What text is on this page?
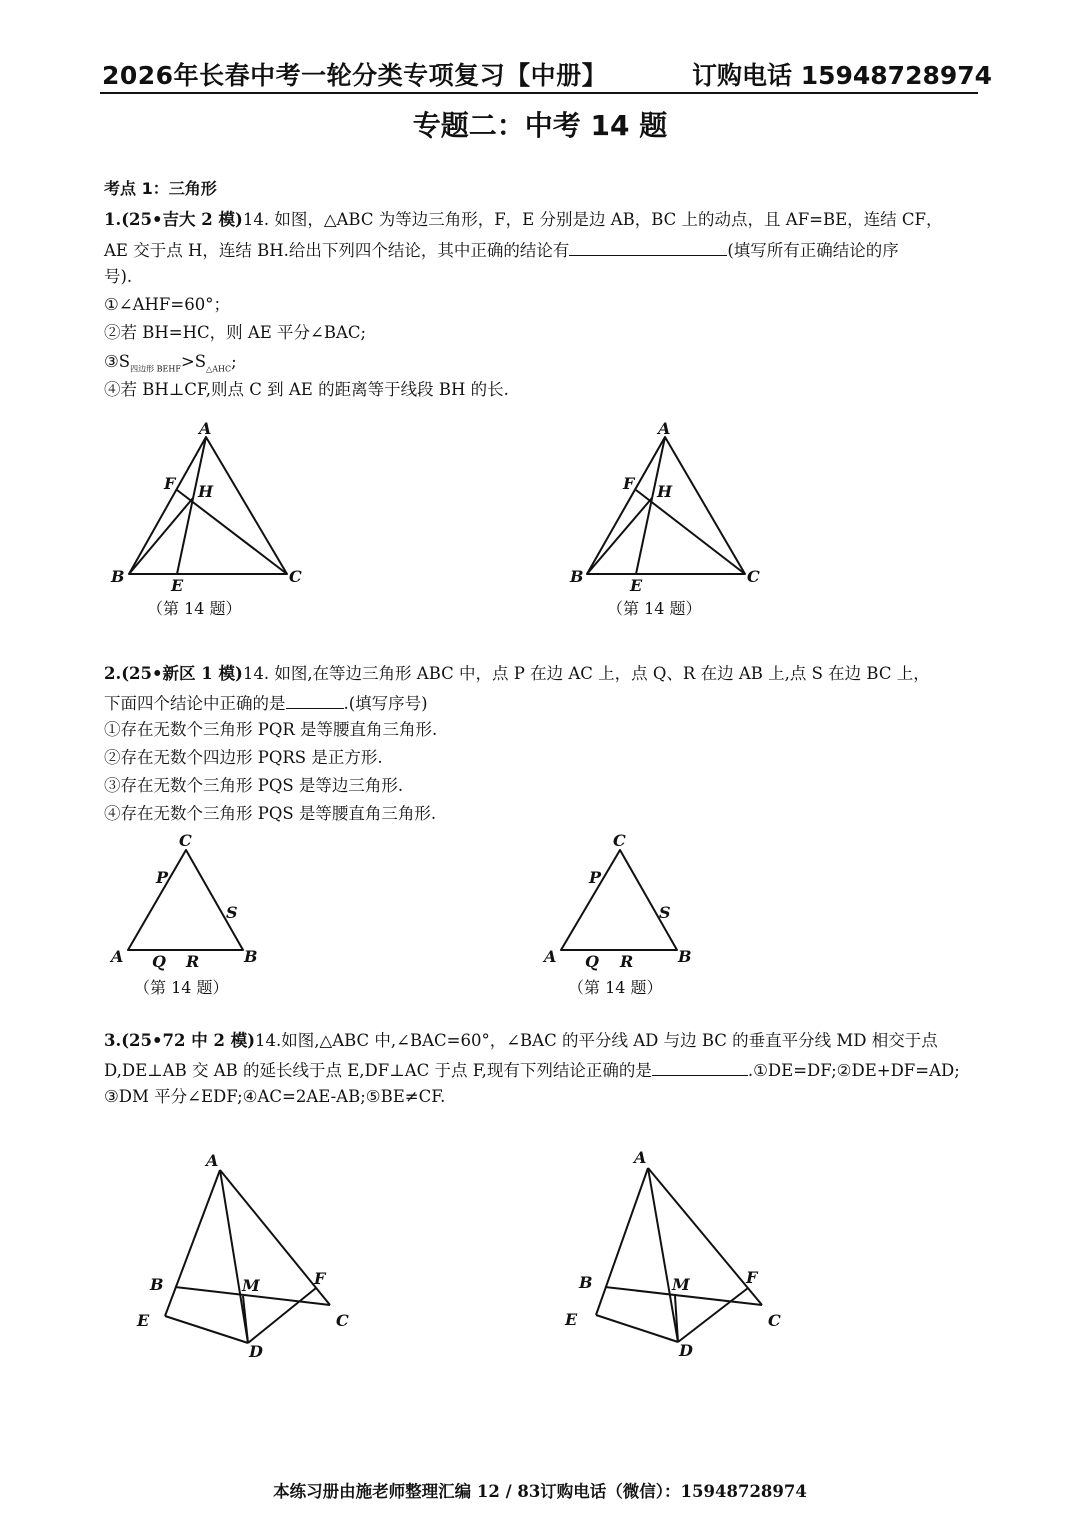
2026年长春中考一轮分类专项复习【中册】	订购电话 15948728974
专题二：中考 14 题
考点 1：三角形
1.(25•吉大 2 模)14. 如图，△ABC 为等边三角形，F，E 分别是边 AB，BC 上的动点，且 AF=BE，连结 CF，
AE 交于点 H，连结 BH.给出下列四个结论，其中正确的结论有	(填写所有正确结论的序
号).
①∠AHF=60°；
②若 BH=HC，则 AE 平分∠BAC;
$③S_{四边形 BEHF}>S_{\triangle AHC}$;
④若 BH⊥CF,则点 C 到 AE 的距离等于线段 BH 的长.
（第 14 题）	（第 14 题）
2.(25•新区 1 模)14. 如图,在等边三角形 ABC 中，点 P 在边 AC 上，点 Q、R 在边 AB 上,点 S 在边 BC 上，
下面四个结论中正确的是	.(填写序号)
①存在无数个三角形 PQR 是等腰直角三角形.
②存在无数个四边形 PQRS 是正方形.
③存在无数个三角形 PQS 是等边三角形.
④存在无数个三角形 PQS 是等腰直角三角形.
（第 14 题）	（第 14 题）
3.(25•72 中 2 模)14.如图,△ABC 中,∠BAC=60°，∠BAC 的平分线 AD 与边 BC 的垂直平分线 MD 相交于点
D,DE⊥AB 交 AB 的延长线于点 E,DF⊥AC 于点 F,现有下列结论正确的是	.①DE=DF;②DE+DF=AD;
③DM 平分∠EDF;④AC=2AE-AB;⑤BE≠CF.
A
B	C
E
F H
A
B	C
E
F H
C
P
S
A	B
Q R
C
P
S
A	B
Q R
A
B	M	F
E	C
D
A
B	M	F
E	C
D
本练习册由施老师整理汇编 12 / 83订购电话（微信）：15948728974
